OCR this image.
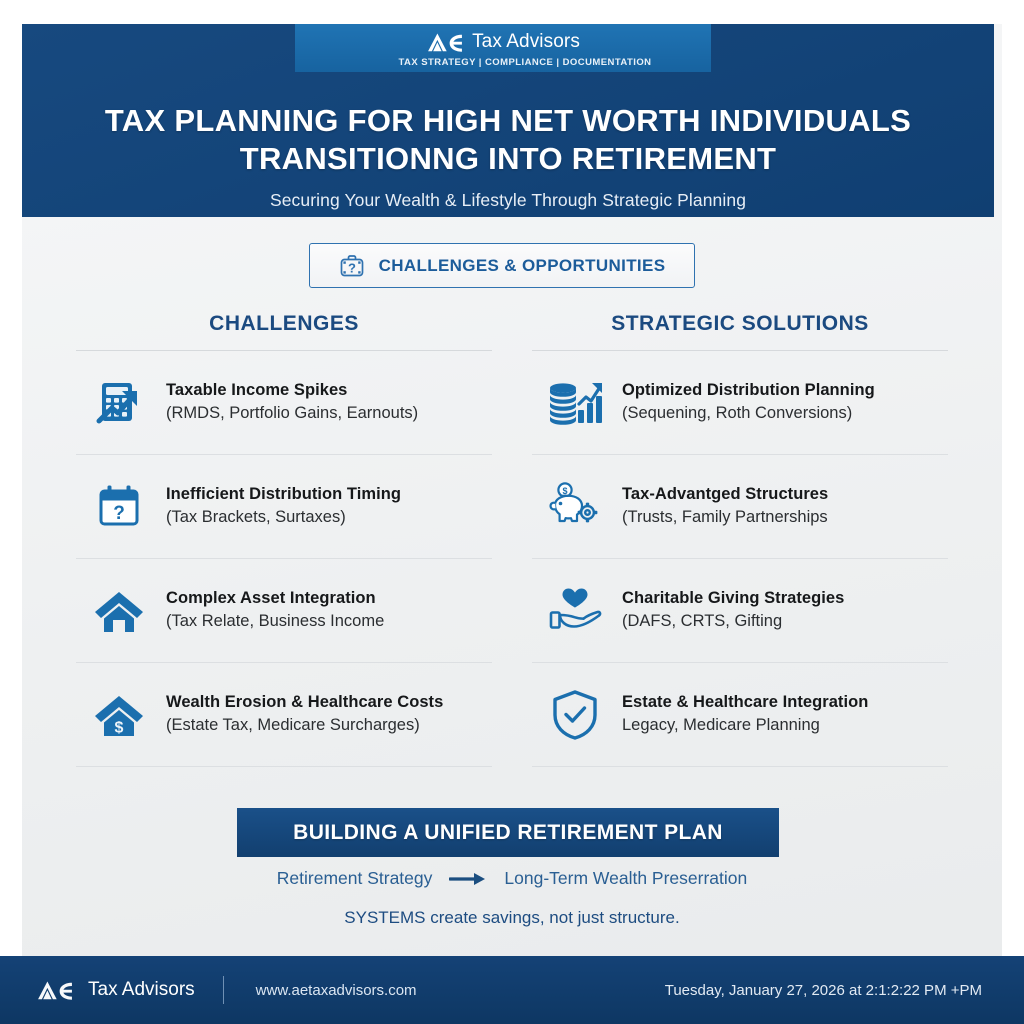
Tax Advisors
TAX STRATEGY | COMPLIANCE | DOCUMENTATION
TAX PLANNING FOR HIGH NET WORTH INDIVIDUALS
TRANSITIONNG INTO RETIREMENT
Securing Your Wealth & Lifestyle Through Strategic Planning
? CHALLENGES & OPPORTUNITIES
CHALLENGES
Taxable Income Spikes
(RMDS, Portfolio Gains, Earnouts)
?
Inefficient Distribution Timing
(Tax Brackets, Surtaxes)
Complex Asset Integration
(Tax Relate, Business Income
$
Wealth Erosion & Healthcare Costs
(Estate Tax, Medicare Surcharges)
STRATEGIC SOLUTIONS
Optimized Distribution Planning
(Sequening, Roth Conversions)
$	Tax-Advantged Structures
(Trusts, Family Partnerships
Charitable Giving Strategies
(DAFS, CRTS, Gifting
Estate & Healthcare Integration
Legacy, Medicare Planning
BUILDING A UNIFIED RETIREMENT PLAN
Retirement Strategy	Long-Term Wealth Preserration
SYSTEMS create savings, not just structure.
Tax Advisors	www.aetaxadvisors.com	Tuesday, January 27, 2026 at 2:1:2:22 PM +PM
